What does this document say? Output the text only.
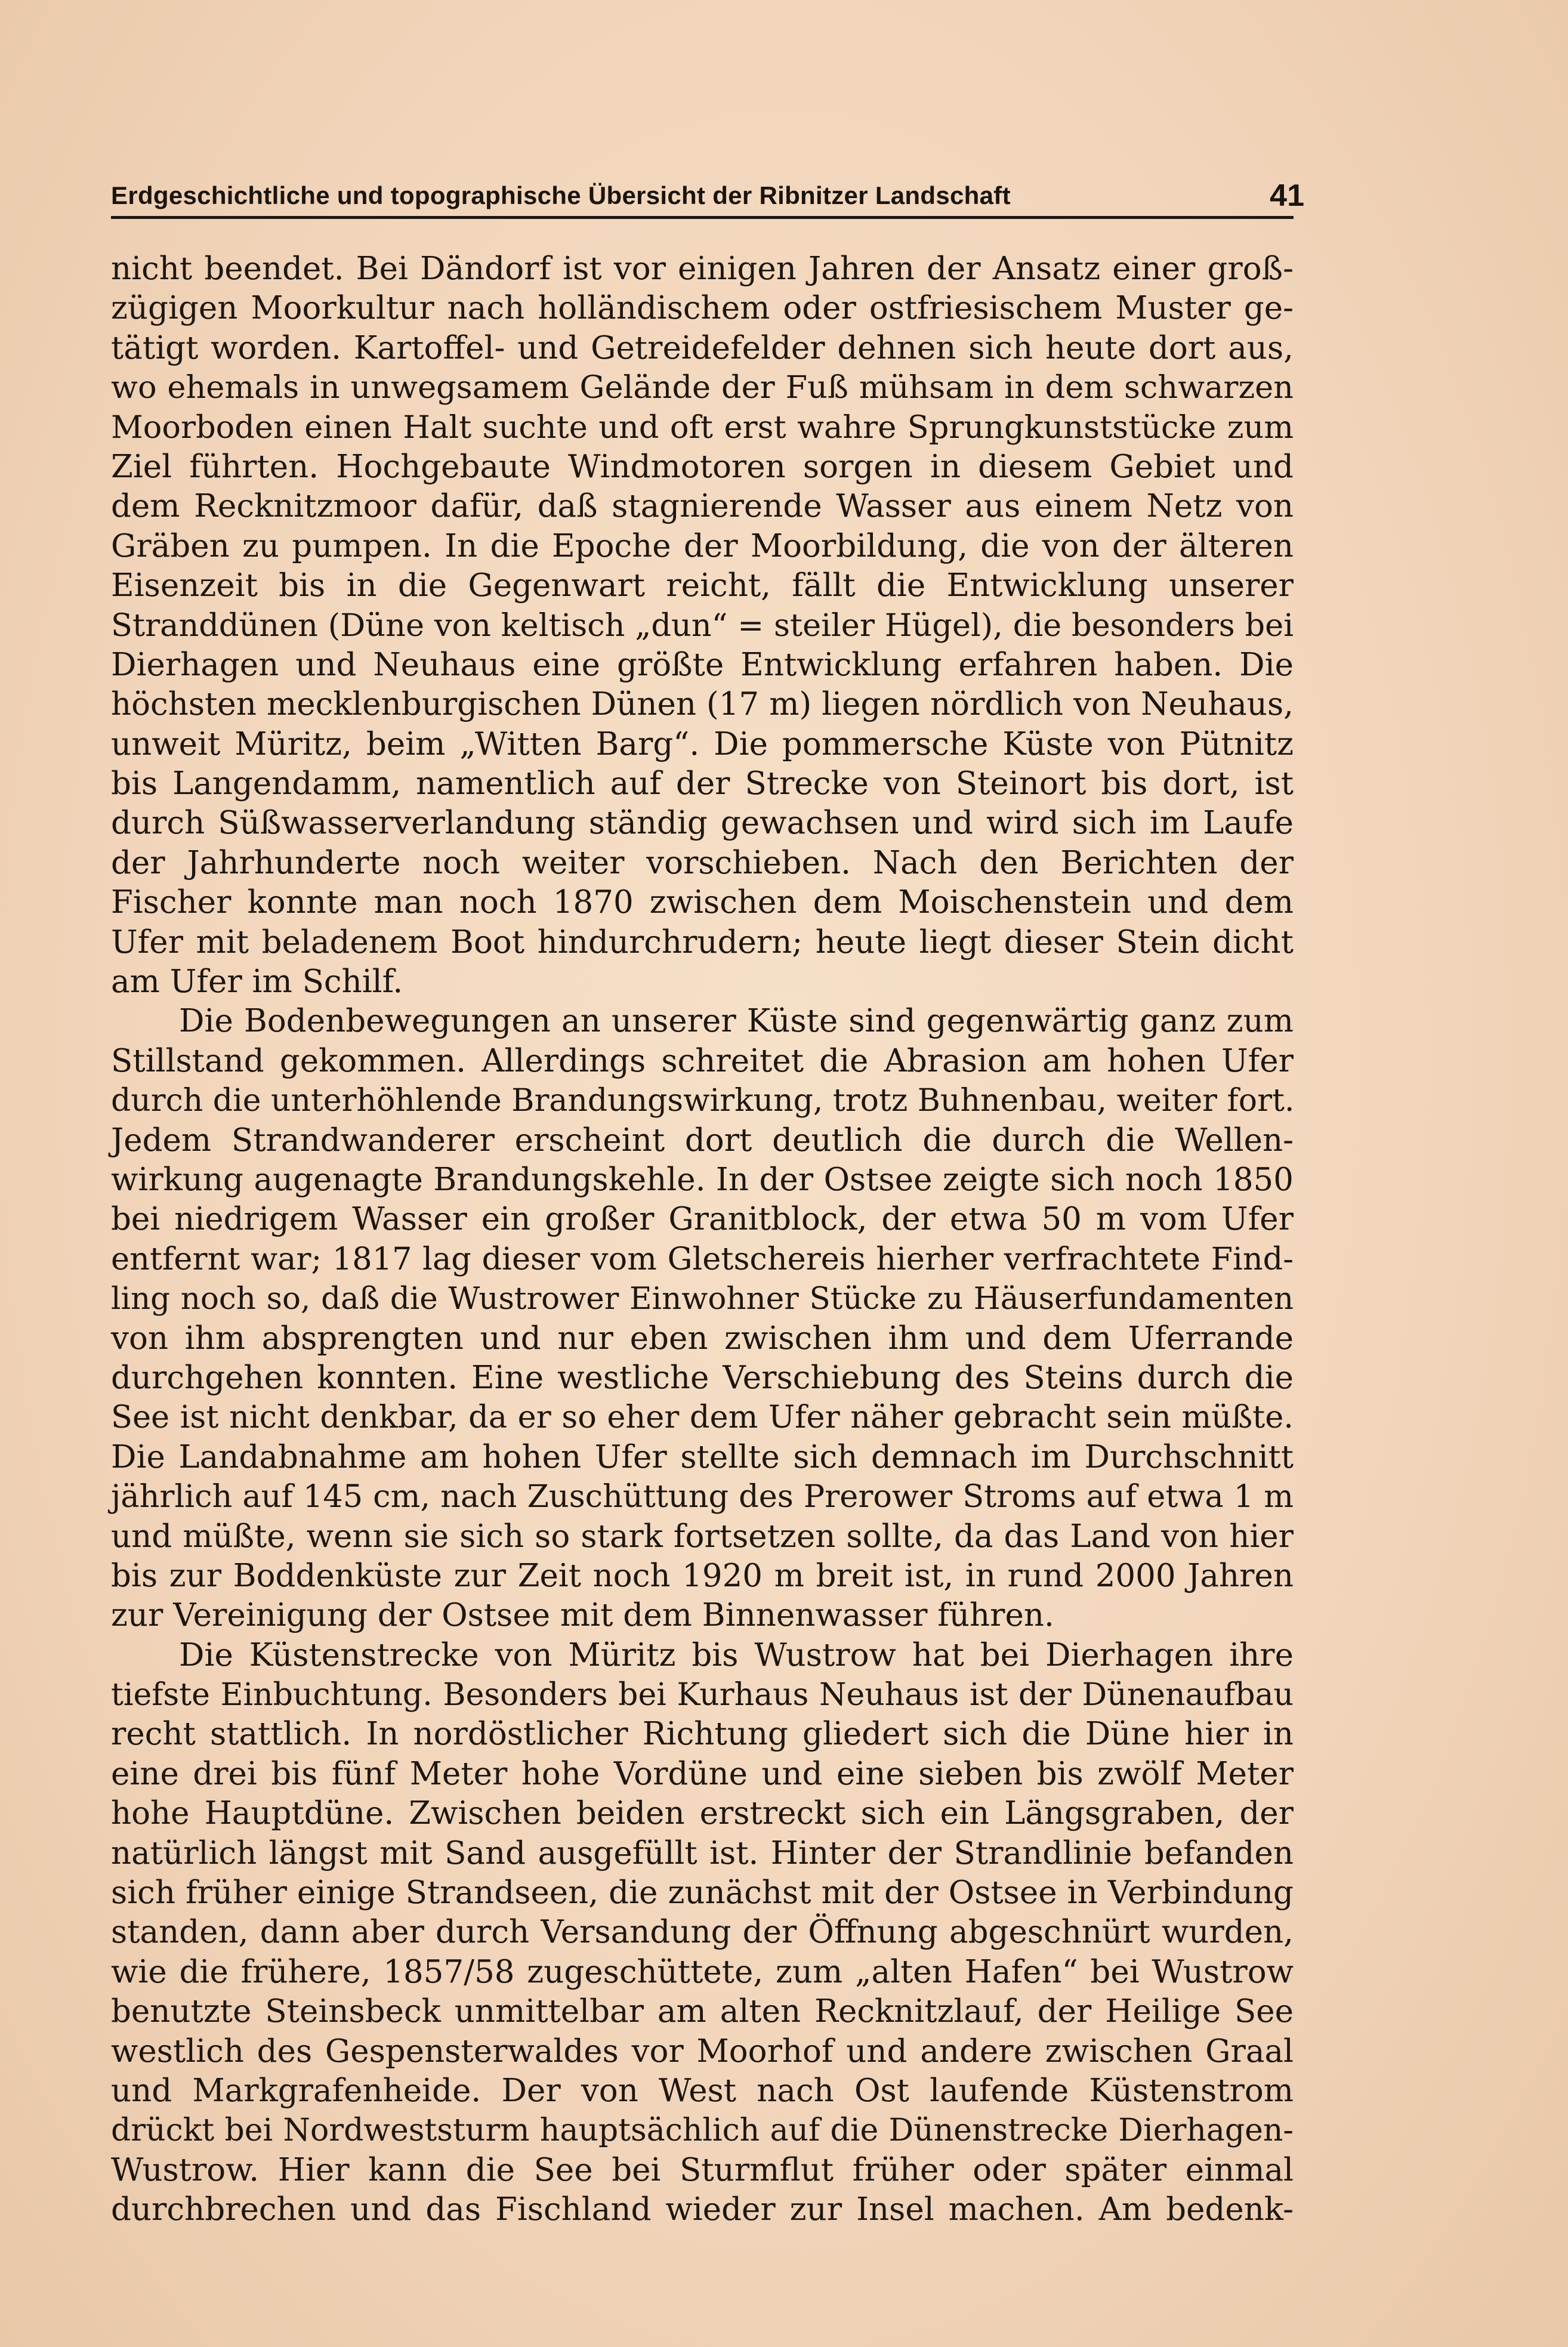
Erdgeschichtliche und topographische Übersicht der Ribnitzer Landschaft	41
nicht beendet. Bei Dändorf ist vor einigen Jahren der Ansatz einer groß-
zügigen Moorkultur nach holländischem oder ostfriesischem Muster ge-
tätigt worden. Kartoffel- und Getreidefelder dehnen sich heute dort aus,
wo ehemals in unwegsamem Gelände der Fuß mühsam in dem schwarzen
Moorboden einen Halt suchte und oft erst wahre Sprungkunststücke zum
Ziel führten. Hochgebaute Windmotoren sorgen in diesem Gebiet und
dem Recknitzmoor dafür, daß stagnierende Wasser aus einem Netz von
Gräben zu pumpen. In die Epoche der Moorbildung, die von der älteren
Eisenzeit bis in die Gegenwart reicht, fällt die Entwicklung unserer
Stranddünen (Düne von keltisch „dun“ = steiler Hügel), die besonders bei
Dierhagen und Neuhaus eine größte Entwicklung erfahren haben. Die
höchsten mecklenburgischen Dünen (17 m) liegen nördlich von Neuhaus,
unweit Müritz, beim „Witten Barg“. Die pommersche Küste von Pütnitz
bis Langendamm, namentlich auf der Strecke von Steinort bis dort, ist
durch Süßwasserverlandung ständig gewachsen und wird sich im Laufe
der Jahrhunderte noch weiter vorschieben. Nach den Berichten der
Fischer konnte man noch 1870 zwischen dem Moischenstein und dem
Ufer mit beladenem Boot hindurchrudern; heute liegt dieser Stein dicht
am Ufer im Schilf.
Die Bodenbewegungen an unserer Küste sind gegenwärtig ganz zum
Stillstand gekommen. Allerdings schreitet die Abrasion am hohen Ufer
durch die unterhöhlende Brandungswirkung, trotz Buhnenbau, weiter fort.
Jedem Strandwanderer erscheint dort deutlich die durch die Wellen-
wirkung augenagte Brandungskehle. In der Ostsee zeigte sich noch 1850
bei niedrigem Wasser ein großer Granitblock, der etwa 50 m vom Ufer
entfernt war; 1817 lag dieser vom Gletschereis hierher verfrachtete Find-
ling noch so, daß die Wustrower Einwohner Stücke zu Häuserfundamenten
von ihm absprengten und nur eben zwischen ihm und dem Uferrande
durchgehen konnten. Eine westliche Verschiebung des Steins durch die
See ist nicht denkbar, da er so eher dem Ufer näher gebracht sein müßte.
Die Landabnahme am hohen Ufer stellte sich demnach im Durchschnitt
jährlich auf 145 cm, nach Zuschüttung des Prerower Stroms auf etwa 1 m
und müßte, wenn sie sich so stark fortsetzen sollte, da das Land von hier
bis zur Boddenküste zur Zeit noch 1920 m breit ist, in rund 2000 Jahren
zur Vereinigung der Ostsee mit dem Binnenwasser führen.
Die Küstenstrecke von Müritz bis Wustrow hat bei Dierhagen ihre
tiefste Einbuchtung. Besonders bei Kurhaus Neuhaus ist der Dünenaufbau
recht stattlich. In nordöstlicher Richtung gliedert sich die Düne hier in
eine drei bis fünf Meter hohe Vordüne und eine sieben bis zwölf Meter
hohe Hauptdüne. Zwischen beiden erstreckt sich ein Längsgraben, der
natürlich längst mit Sand ausgefüllt ist. Hinter der Strandlinie befanden
sich früher einige Strandseen, die zunächst mit der Ostsee in Verbindung
standen, dann aber durch Versandung der Öffnung abgeschnürt wurden,
wie die frühere, 1857/58 zugeschüttete, zum „alten Hafen“ bei Wustrow
benutzte Steinsbeck unmittelbar am alten Recknitzlauf, der Heilige See
westlich des Gespensterwaldes vor Moorhof und andere zwischen Graal
und Markgrafenheide. Der von West nach Ost laufende Küstenstrom
drückt bei Nordweststurm hauptsächlich auf die Dünenstrecke Dierhagen-
Wustrow. Hier kann die See bei Sturmflut früher oder später einmal
durchbrechen und das Fischland wieder zur Insel machen. Am bedenk-
